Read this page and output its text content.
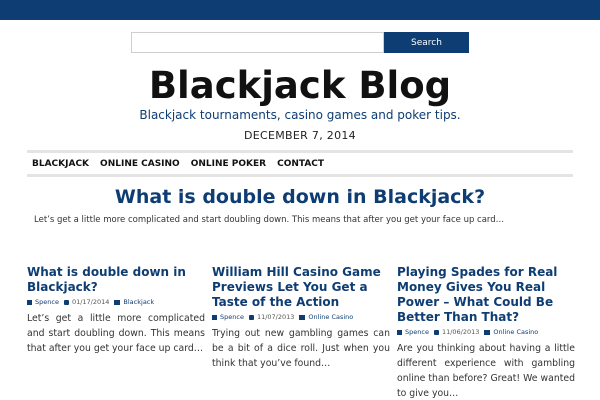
Search
Blackjack Blog
Blackjack tournaments, casino games and poker tips.
DECEMBER 7, 2014
BLACKJACK ONLINE CASINO ONLINE POKER CONTACT
What is double down in Blackjack?
Let’s get a little more complicated and start doubling down. This means that after you get your face up card…
What is double down in Blackjack?
Spence 01/17/2014 Blackjack
Let’s get a little more complicated and start doubling down. This means that after you get your face up card…
William Hill Casino Game Previews Let You Get a Taste of the Action
Spence 11/07/2013 Online Casino
Trying out new gambling games can be a bit of a dice roll. Just when you think that you’ve found…
Playing Spades for Real Money Gives You Real Power – What Could Be Better Than That?
Spence 11/06/2013 Online Casino
Are you thinking about having a little different experience with gambling online than before? Great! We wanted to give you…
